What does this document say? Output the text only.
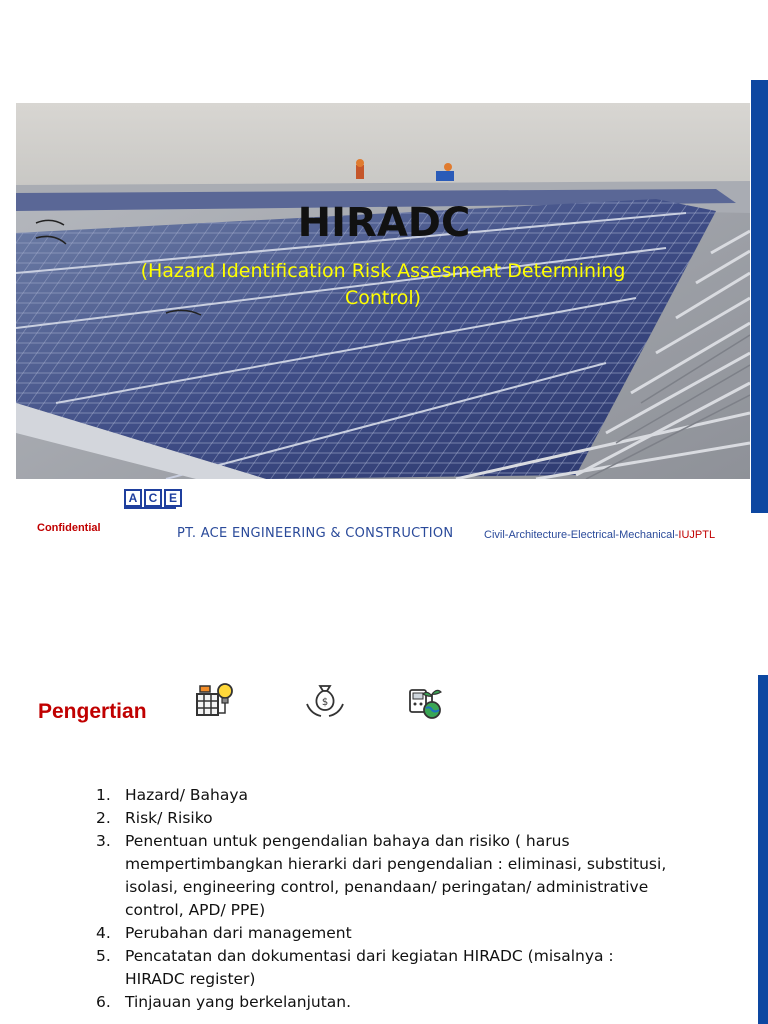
HIRADC

(Hazard Identification Risk Assesment Determining
Control)

A C E
Confidential	PT. ACE ENGINEERING & CONSTRUCTION	Civil-Architecture-Electrical-Mechanical-IUJPTL
Pengertian	$
1. Hazard/ Bahaya
2. Risk/ Risiko
3. Penentuan untuk pengendalian bahaya dan risiko ( harus mempertimbangkan hierarki dari pengendalian : eliminasi, substitusi, isolasi, engineering control, penandaan/ peringatan/ administrative control, APD/ PPE)
4. Perubahan dari management
5. Pencatatan dan dokumentasi dari kegiatan HIRADC (misalnya : HIRADC register)
6. Tinjauan yang berkelanjutan.
